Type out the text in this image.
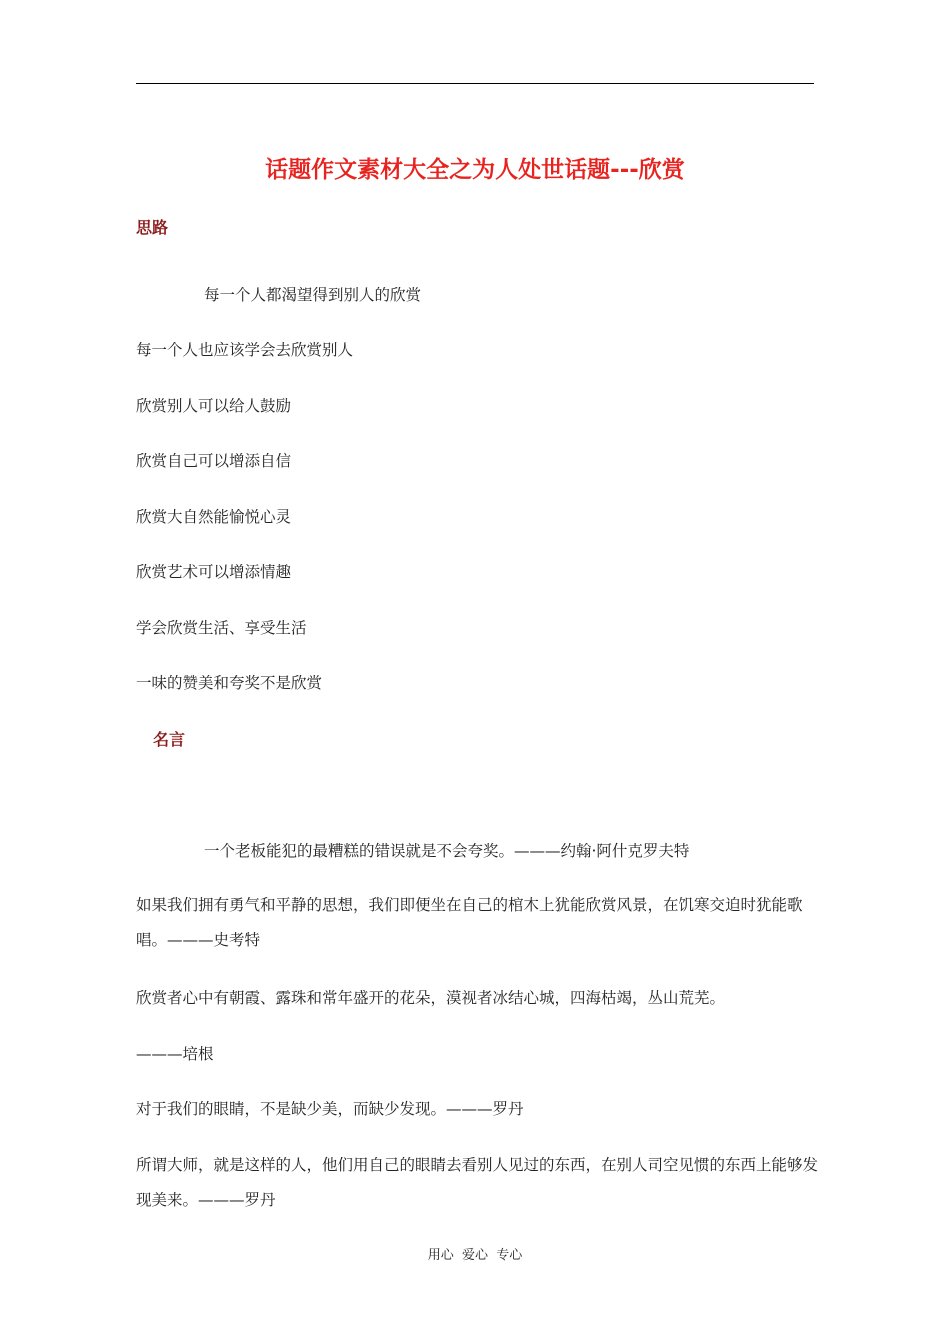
话题作文素材大全之为人处世话题---欣赏
思路
每一个人都渴望得到别人的欣赏
每一个人也应该学会去欣赏别人
欣赏别人可以给人鼓励
欣赏自己可以增添自信
欣赏大自然能愉悦心灵
欣赏艺术可以增添情趣
学会欣赏生活、享受生活
一味的赞美和夸奖不是欣赏
名言
一个老板能犯的最糟糕的错误就是不会夸奖。———约翰·阿什克罗夫特
如果我们拥有勇气和平静的思想，我们即便坐在自己的棺木上犹能欣赏风景，在饥寒交迫时犹能歌唱。———史考特
欣赏者心中有朝霞、露珠和常年盛开的花朵，漠视者冰结心城，四海枯竭，丛山荒芜。
———培根
对于我们的眼睛，不是缺少美，而缺少发现。———罗丹
所谓大师，就是这样的人，他们用自己的眼睛去看别人见过的东西，在别人司空见惯的东西上能够发现美来。———罗丹
用心  爱心  专心
